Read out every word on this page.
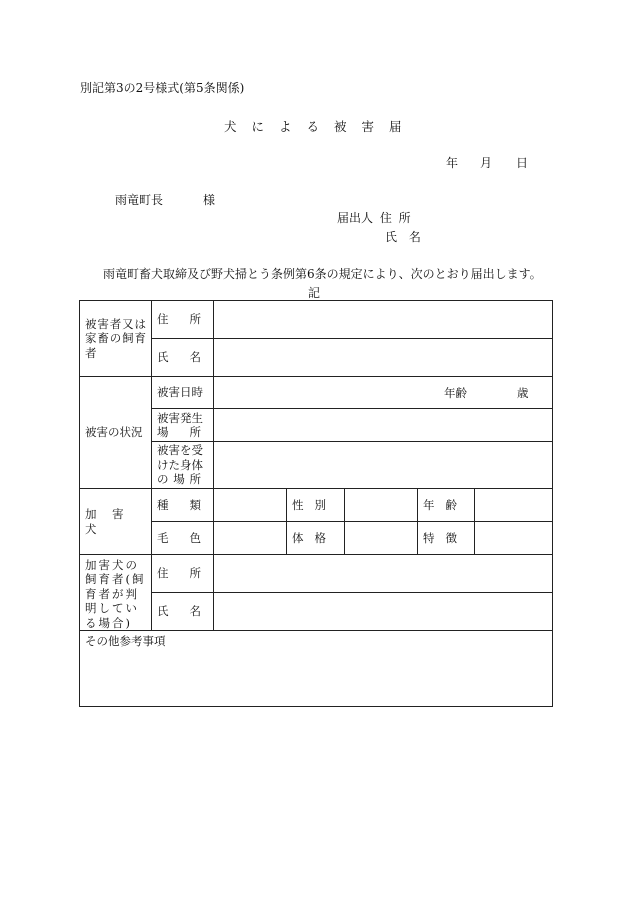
別記第3の2号様式(第5条関係)
犬による被害届
年 月 日
雨竜町長	様
届出人 住 所
氏 名
雨竜町畜犬取締及び野犬掃とう条例第6条の規定により、次のとおり届出します。
記
被害者又は家畜の飼育者	住 所					

	氏 名					

被害の状況	被害日時	年齢 歳				

	被害発生
場 所					

	被害を受
けた身体
の 場 所					

加 害 犬	種 類		性 別		年 齢	

	毛 色		体 格		特 徴	

加害犬の飼育者(飼育者が判明している場合)	住 所					

	氏 名					

その他参考事項						
